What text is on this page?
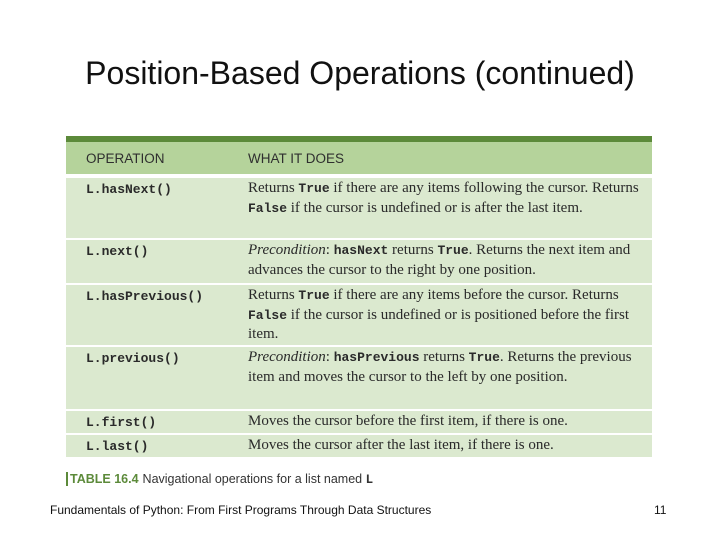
Position-Based Operations (continued)
OPERATION	WHAT IT DOES
L.hasNext()	Returns True if there are any items following the cursor. Returns False if the cursor is undefined or is after the last item.
L.next()	Precondition: hasNext returns True. Returns the next item and advances the cursor to the right by one position.
L.hasPrevious()	Returns True if there are any items before the cursor. Returns False if the cursor is undefined or is positioned before the first item.
L.previous()	Precondition: hasPrevious returns True. Returns the previous item and moves the cursor to the left by one position.
L.first()	Moves the cursor before the first item, if there is one.
L.last()	Moves the cursor after the last item, if there is one.
TABLE 16.4 Navigational operations for a list named L
Fundamentals of Python: From First Programs Through Data Structures	11
